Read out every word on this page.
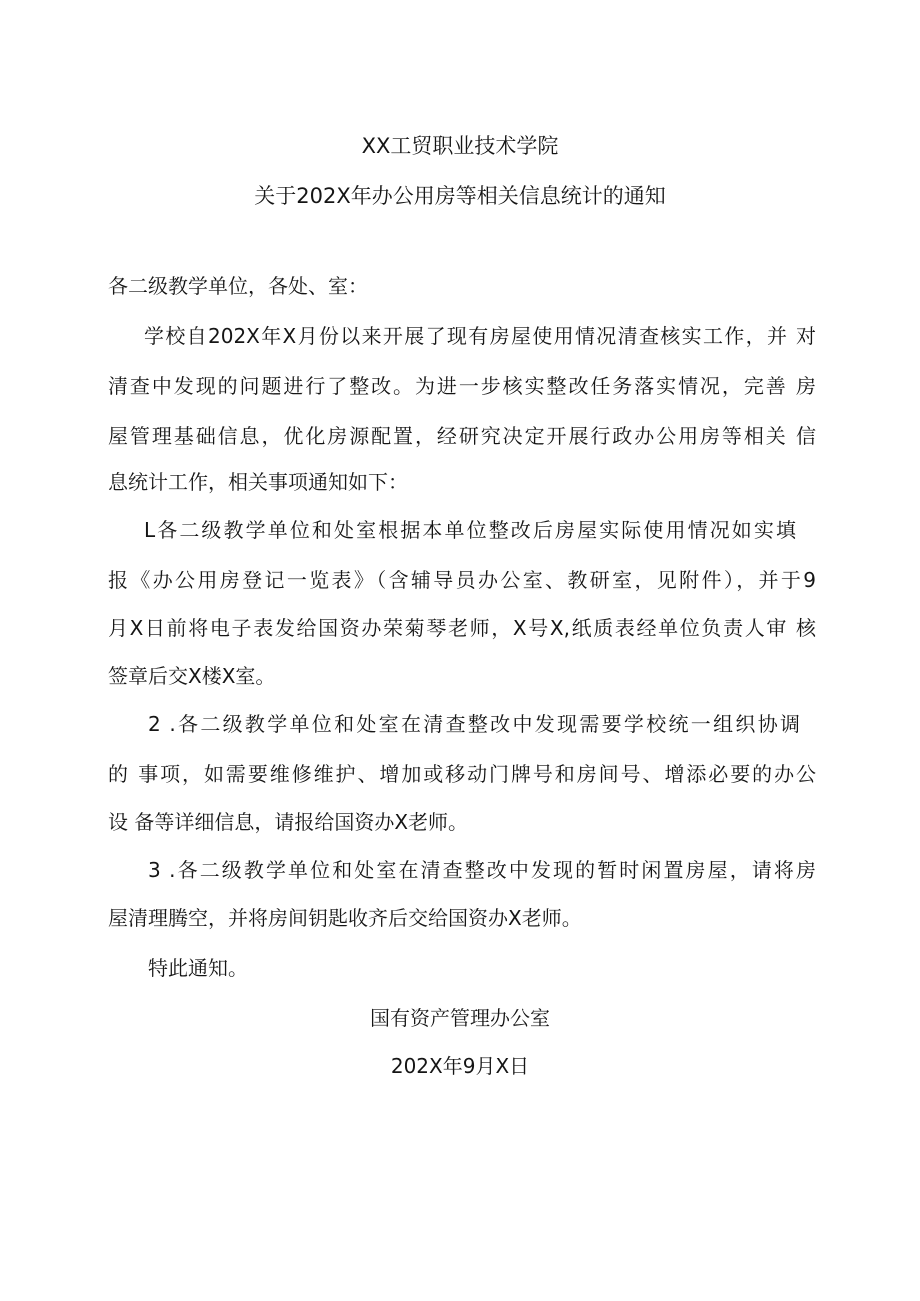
XX工贸职业技术学院
关于202X年办公用房等相关信息统计的通知
各二级教学单位，各处、室：
学校自202X年X月份以来开展了现有房屋使用情况清查核实工作，并 对
清查中发现的问题进行了整改。为进一步核实整改任务落实情况，完善 房
屋管理基础信息，优化房源配置，经研究决定开展行政办公用房等相关 信
息统计工作，相关事项通知如下：
L各二级教学单位和处室根据本单位整改后房屋实际使用情况如实填
报《办公用房登记一览表》（含辅导员办公室、教研室，见附件），并于9
月X日前将电子表发给国资办荣菊琴老师，X号X,纸质表经单位负责人审 核
签章后交X楼X室。
2 .各二级教学单位和处室在清查整改中发现需要学校统一组织协调
的 事项，如需要维修维护、增加或移动门牌号和房间号、增添必要的办公
设 备等详细信息，请报给国资办X老师。
3 .各二级教学单位和处室在清查整改中发现的暂时闲置房屋，请将房
屋清理腾空，并将房间钥匙收齐后交给国资办X老师。
特此通知。
国有资产管理办公室
202X年9月X日
